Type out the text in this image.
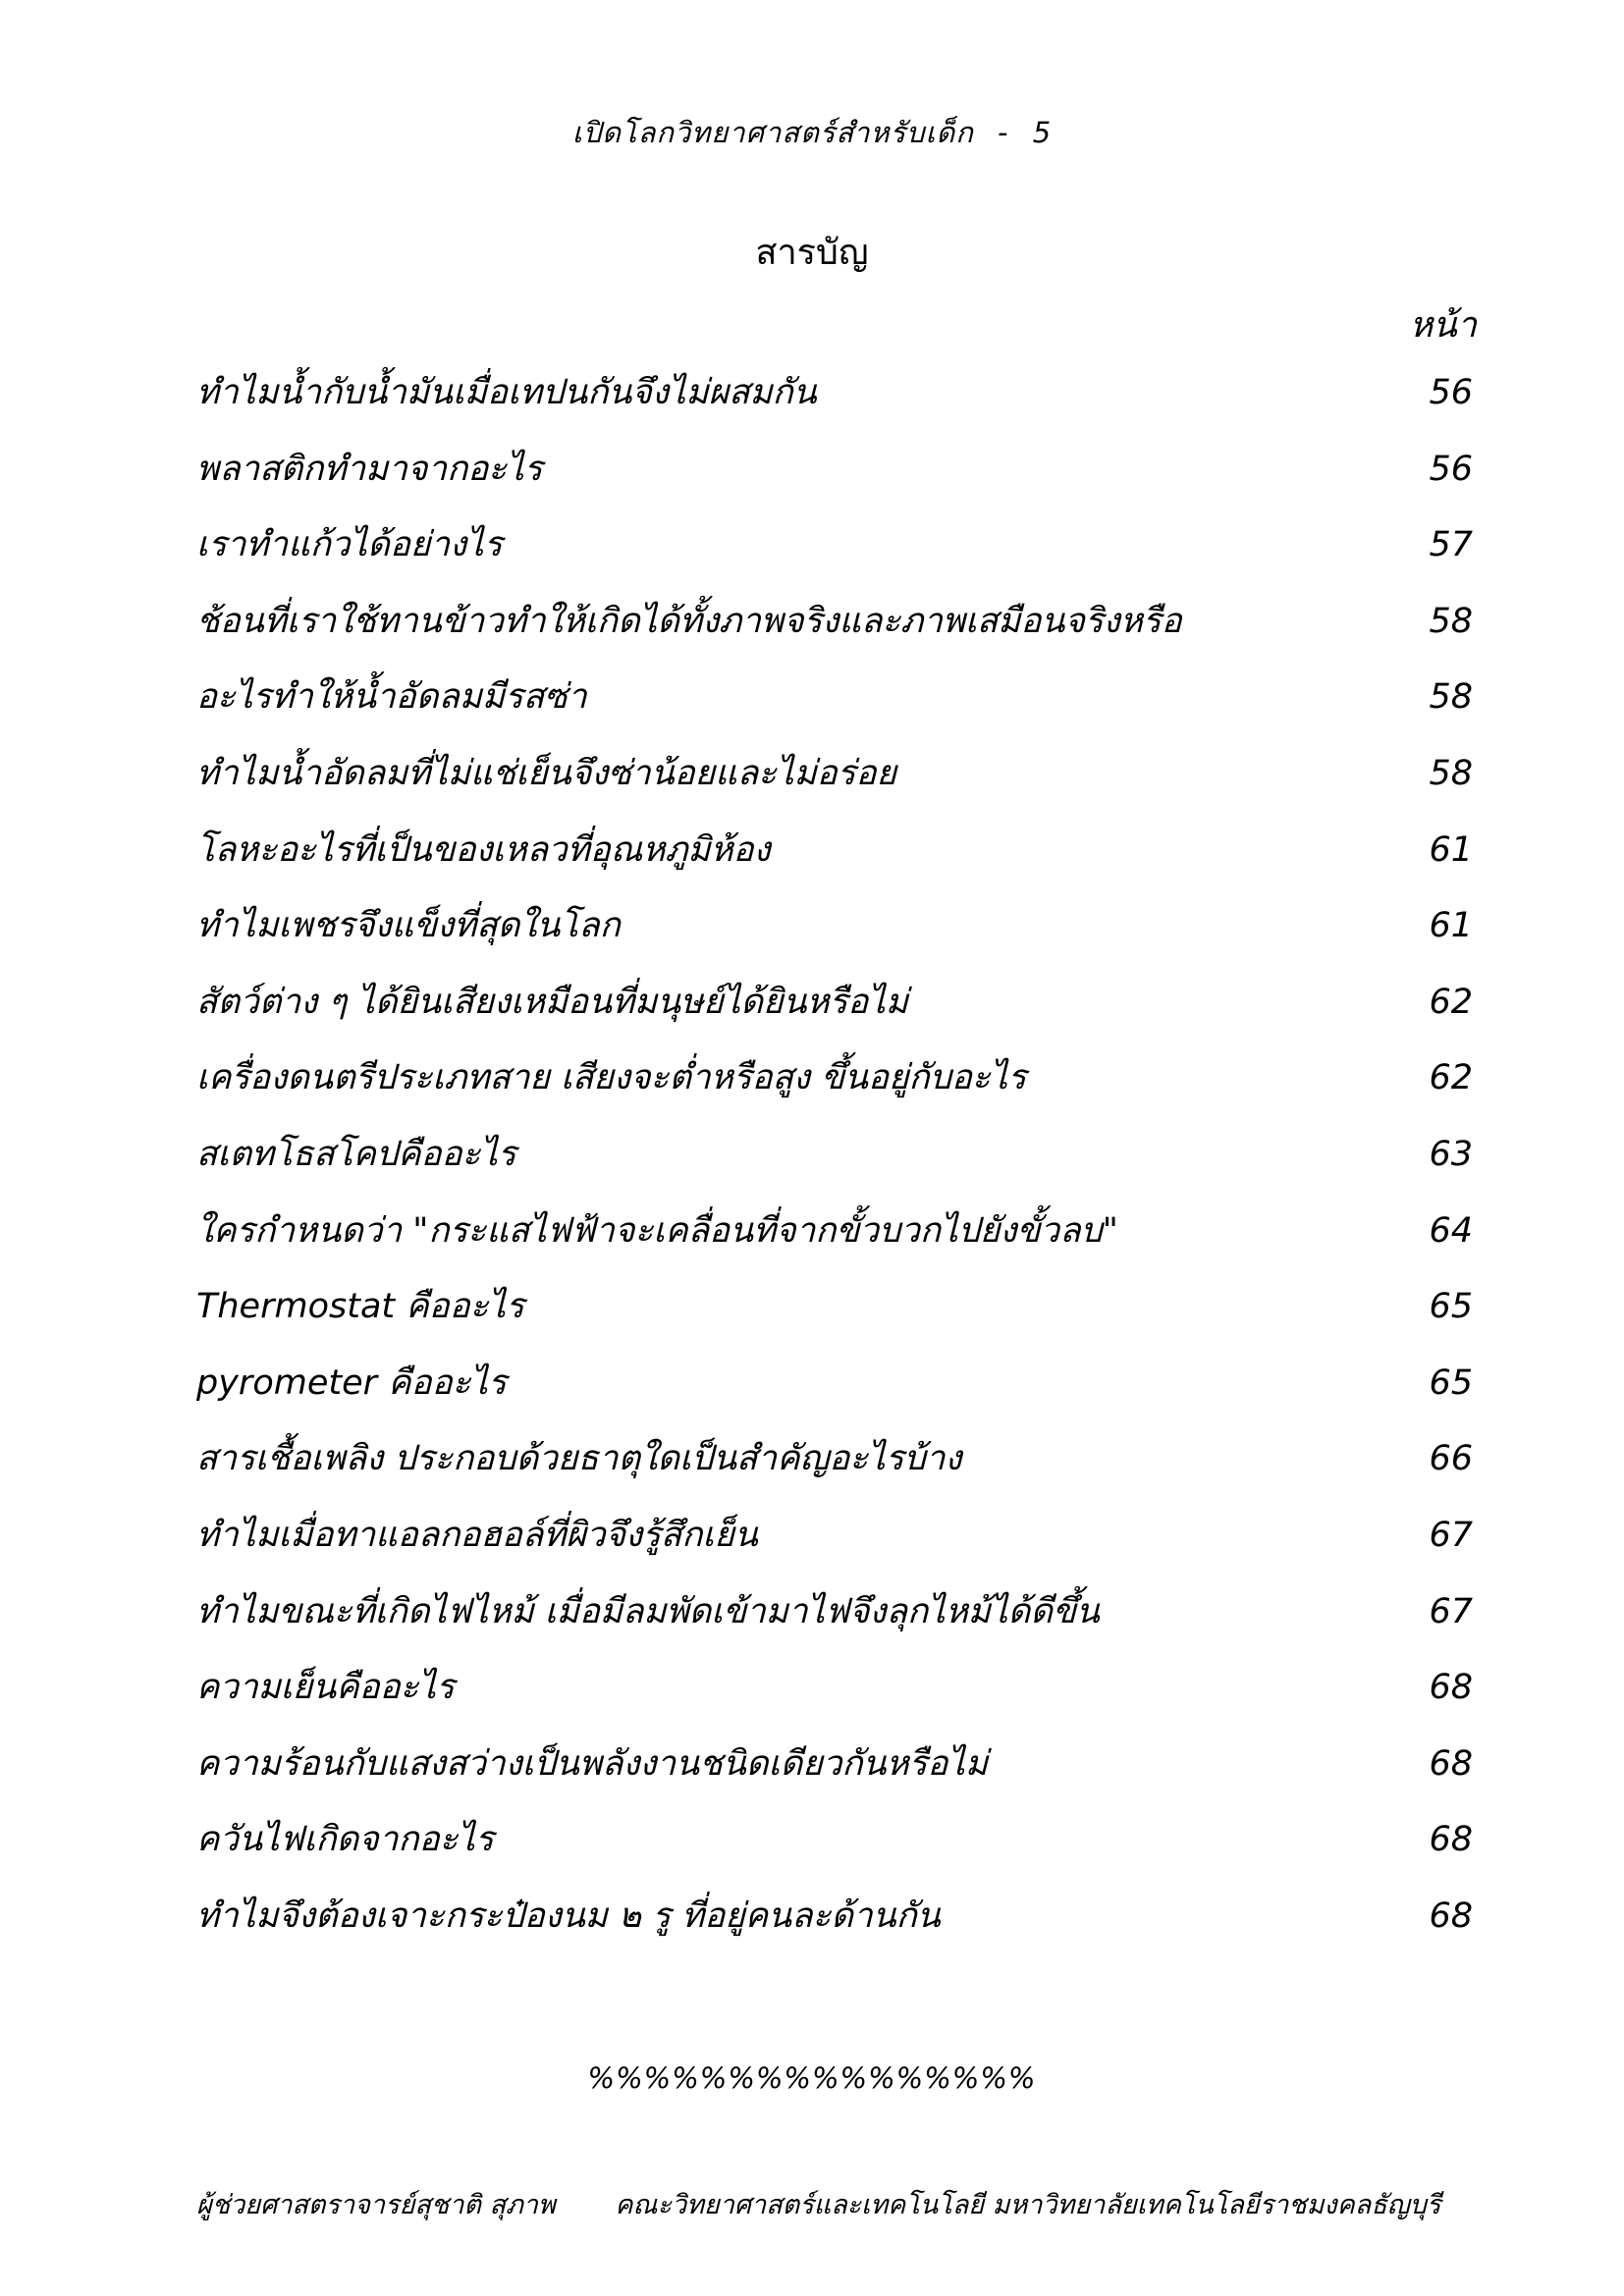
เปิดโลกวิทยาศาสตร์สำหรับเด็ก - 5
สารบัญ
หน้า
ทำไมน้ำกับน้ำมันเมื่อเทปนกันจึงไม่ผสมกัน	56
พลาสติกทำมาจากอะไร	56
เราทำแก้วได้อย่างไร	57
ช้อนที่เราใช้ทานข้าวทำให้เกิดได้ทั้งภาพจริงและภาพเสมือนจริงหรือ	58
อะไรทำให้น้ำอัดลมมีรสซ่า	58
ทำไมน้ำอัดลมที่ไม่แช่เย็นจึงซ่าน้อยและไม่อร่อย	58
โลหะอะไรที่เป็นของเหลวที่อุณหภูมิห้อง	61
ทำไมเพชรจึงแข็งที่สุดในโลก	61
สัตว์ต่าง ๆ ได้ยินเสียงเหมือนที่มนุษย์ได้ยินหรือไม่	62
เครื่องดนตรีประเภทสาย เสียงจะต่ำหรือสูง ขึ้นอยู่กับอะไร	62
สเตทโธสโคปคืออะไร	63
ใครกำหนดว่า "กระแสไฟฟ้าจะเคลื่อนที่จากขั้วบวกไปยังขั้วลบ"	64
Thermostat คืออะไร	65
pyrometer คืออะไร	65
สารเชื้อเพลิง ประกอบด้วยธาตุใดเป็นสำคัญอะไรบ้าง	66
ทำไมเมื่อทาแอลกอฮอล์ที่ผิวจึงรู้สึกเย็น	67
ทำไมขณะที่เกิดไฟไหม้ เมื่อมีลมพัดเข้ามาไฟจึงลุกไหม้ได้ดีขึ้น	67
ความเย็นคืออะไร	68
ความร้อนกับแสงสว่างเป็นพลังงานชนิดเดียวกันหรือไม่	68
ควันไฟเกิดจากอะไร	68
ทำไมจึงต้องเจาะกระป๋องนม ๒ รู ที่อยู่คนละด้านกัน	68
%%%%%%%%%%%%%%%%
ผู้ช่วยศาสตราจารย์สุชาติ สุภาพ คณะวิทยาศาสตร์และเทคโนโลยี มหาวิทยาลัยเทคโนโลยีราชมงคลธัญบุรี
